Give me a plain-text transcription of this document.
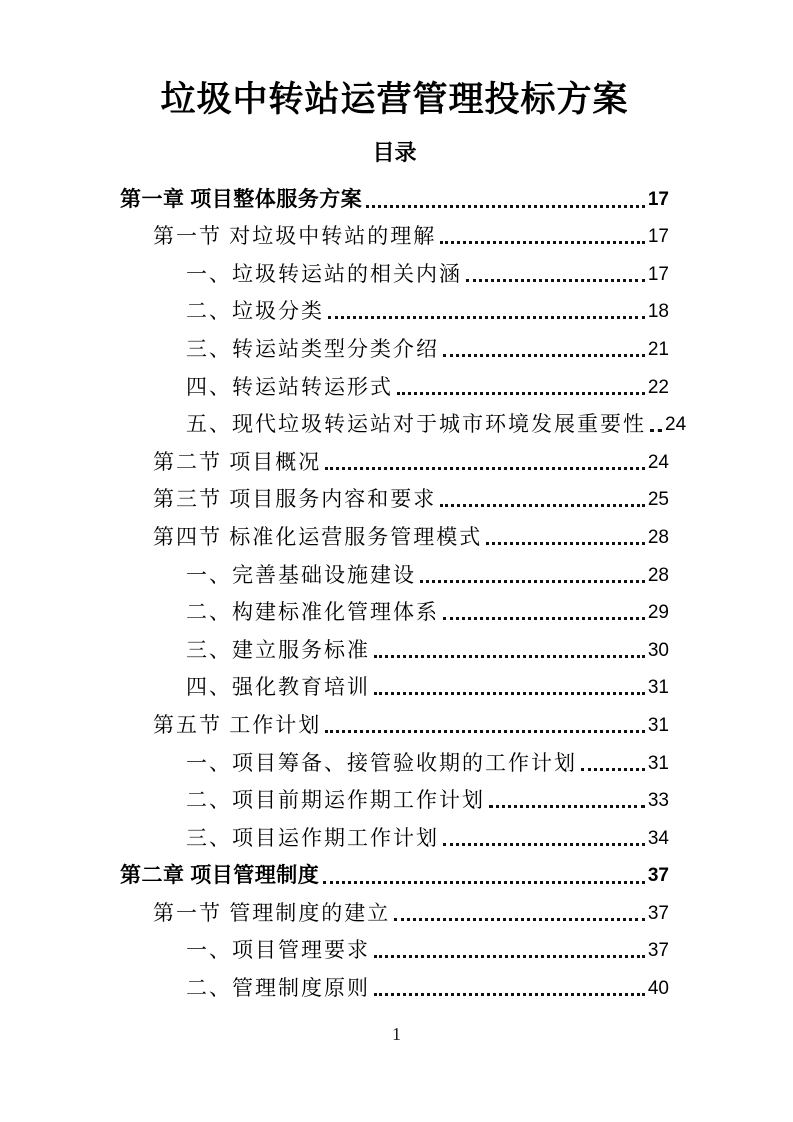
垃圾中转站运营管理投标方案
目录
第一章 项目整体服务方案	17
第一节 对垃圾中转站的理解	17
一、垃圾转运站的相关内涵	17
二、垃圾分类	18
三、转运站类型分类介绍	21
四、转运站转运形式	22
五、现代垃圾转运站对于城市环境发展重要性 24
第二节 项目概况	24
第三节 项目服务内容和要求	25
第四节 标准化运营服务管理模式	28
一、完善基础设施建设	28
二、构建标准化管理体系	29
三、建立服务标准	30
四、强化教育培训	31
第五节 工作计划	31
一、项目筹备、接管验收期的工作计划	31
二、项目前期运作期工作计划	33
三、项目运作期工作计划	34
第二章 项目管理制度	37
第一节 管理制度的建立	37
一、项目管理要求	37
二、管理制度原则	40
1
